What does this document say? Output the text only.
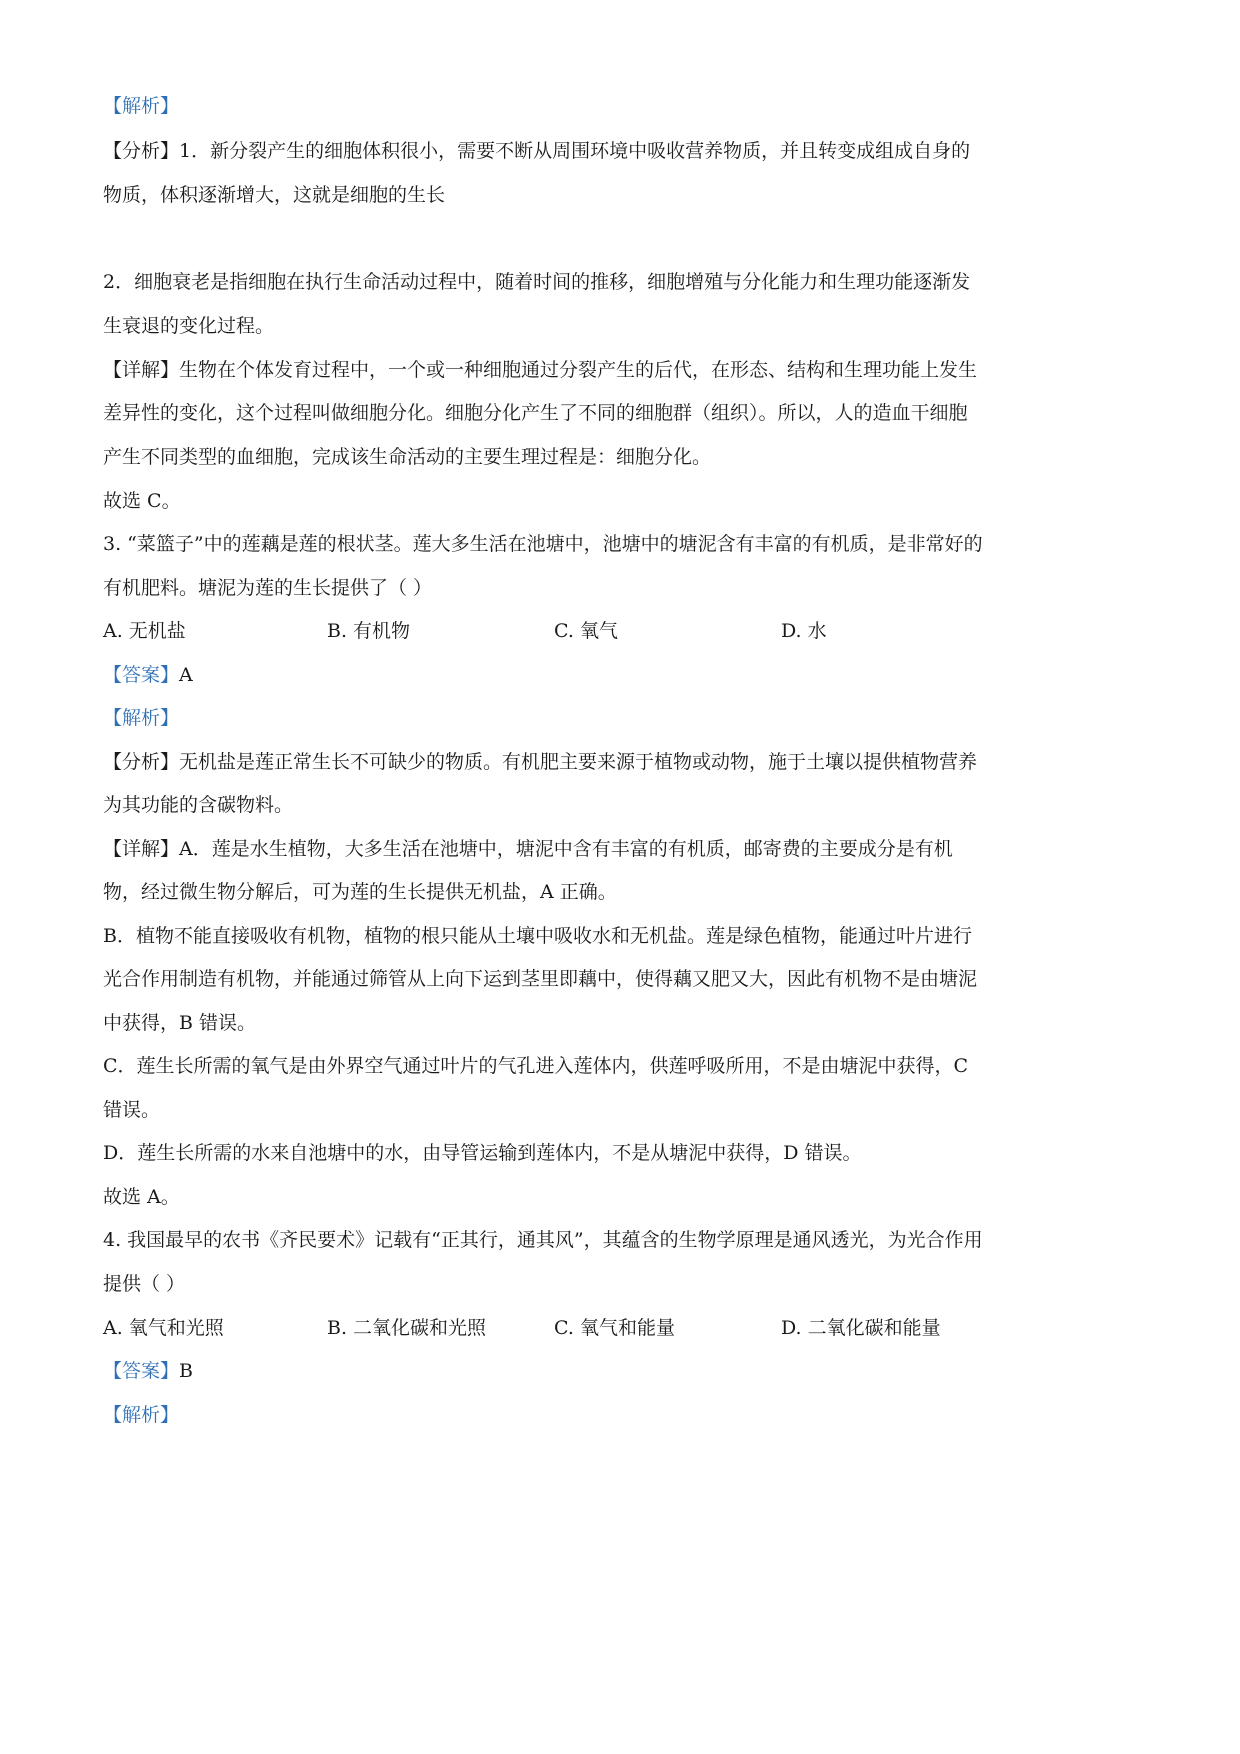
【解析】
【分析】1．新分裂产生的细胞体积很小，需要不断从周围环境中吸收营养物质，并且转变成组成自身的
物质，体积逐渐增大，这就是细胞的生长
2．细胞衰老是指细胞在执行生命活动过程中，随着时间的推移，细胞增殖与分化能力和生理功能逐渐发
生衰退的变化过程。
【详解】生物在个体发育过程中，一个或一种细胞通过分裂产生的后代，在形态、结构和生理功能上发生
差异性的变化，这个过程叫做细胞分化。细胞分化产生了不同的细胞群（组织）。所以，人的造血干细胞
产生不同类型的血细胞，完成该生命活动的主要生理过程是：细胞分化。
故选 C。
3. “菜篮子”中的莲藕是莲的根状茎。莲大多生活在池塘中，池塘中的塘泥含有丰富的有机质，是非常好的
有机肥料。塘泥为莲的生长提供了（ ）
A. 无机盐	B. 有机物	C. 氧气	D. 水
【答案】A
【解析】
【分析】无机盐是莲正常生长不可缺少的物质。有机肥主要来源于植物或动物，施于土壤以提供植物营养
为其功能的含碳物料。
【详解】A．莲是水生植物，大多生活在池塘中，塘泥中含有丰富的有机质，邮寄费的主要成分是有机
物，经过微生物分解后，可为莲的生长提供无机盐，A 正确。
B．植物不能直接吸收有机物，植物的根只能从土壤中吸收水和无机盐。莲是绿色植物，能通过叶片进行
光合作用制造有机物，并能通过筛管从上向下运到茎里即藕中，使得藕又肥又大，因此有机物不是由塘泥
中获得，B 错误。
C．莲生长所需的氧气是由外界空气通过叶片的气孔进入莲体内，供莲呼吸所用，不是由塘泥中获得，C
错误。
D．莲生长所需的水来自池塘中的水，由导管运输到莲体内，不是从塘泥中获得，D 错误。
故选 A。
4. 我国最早的农书《齐民要术》记载有“正其行，通其风”，其蕴含的生物学原理是通风透光，为光合作用
提供（ ）
A. 氧气和光照	B. 二氧化碳和光照	C. 氧气和能量	D. 二氧化碳和能量
【答案】B
【解析】
